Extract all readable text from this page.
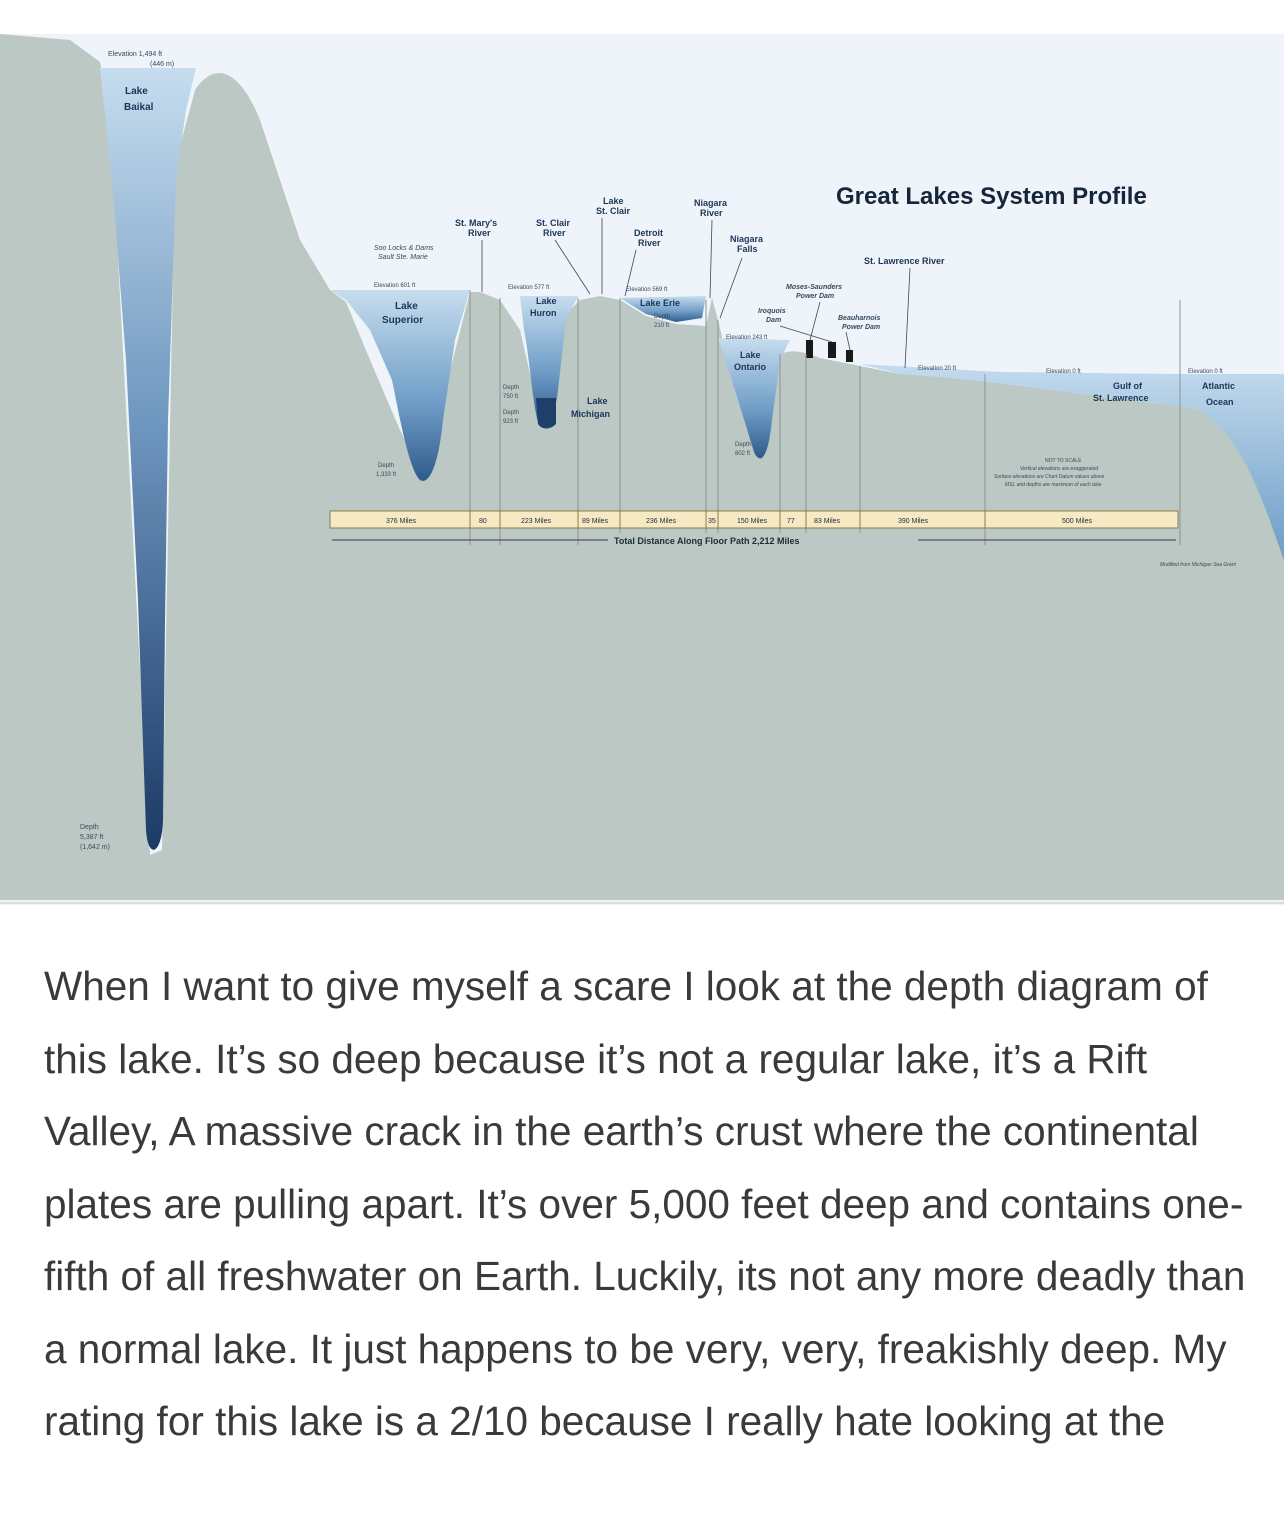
Great Lakes System Profile
Elevation 1,494 ft
(446 m)
Lake
Baikal
Depth
5,387 ft
(1,642 m)
Soo Locks & Dams
Sault Ste. Marie
St. Mary's
River
St. Clair
River
Lake
St. Clair
Detroit
River
Niagara
River
Niagara
Falls
St. Lawrence River
Moses-Saunders
Power Dam
Iroquois
Dam	Beauharnois
Power Dam
Lake
Superior
Lake
Huron
Lake
Michigan
Lake Erie
Lake
Ontario
Gulf of
St. Lawrence
Atlantic
Ocean
Elevation 601 ft	Elevation 577 ft	Elevation 569 ft
Elevation 243 ft
Elevation 20 ft	Elevation 0 ft	Elevation 0 ft
Depth
1,333 ft
Depth
750 ft
Depth
923 ft
Depth
210 ft
Depth
802 ft
NOT TO SCALE
Vertical elevations are exaggerated
Surface elevations are Chart Datum values above
MSL and depths are maximum of each lake
376 Miles	80	223 Miles	89 Miles	236 Miles	35	150 Miles	77	83 Miles	390 Miles	500 Miles
Total Distance Along Floor Path 2,212 Miles
Modified from Michigan Sea Grant

When I want to give myself a scare I look at the depth diagram of this lake. It’s so deep because it’s not a regular lake, it’s a Rift Valley, A massive crack in the earth’s crust where the continental plates are pulling apart. It’s over 5,000 feet deep and contains one-fifth of all freshwater on Earth. Luckily, its not any more deadly than a normal lake. It just happens to be very, very, freakishly deep. My rating for this lake is a 2/10 because I really hate looking at the
